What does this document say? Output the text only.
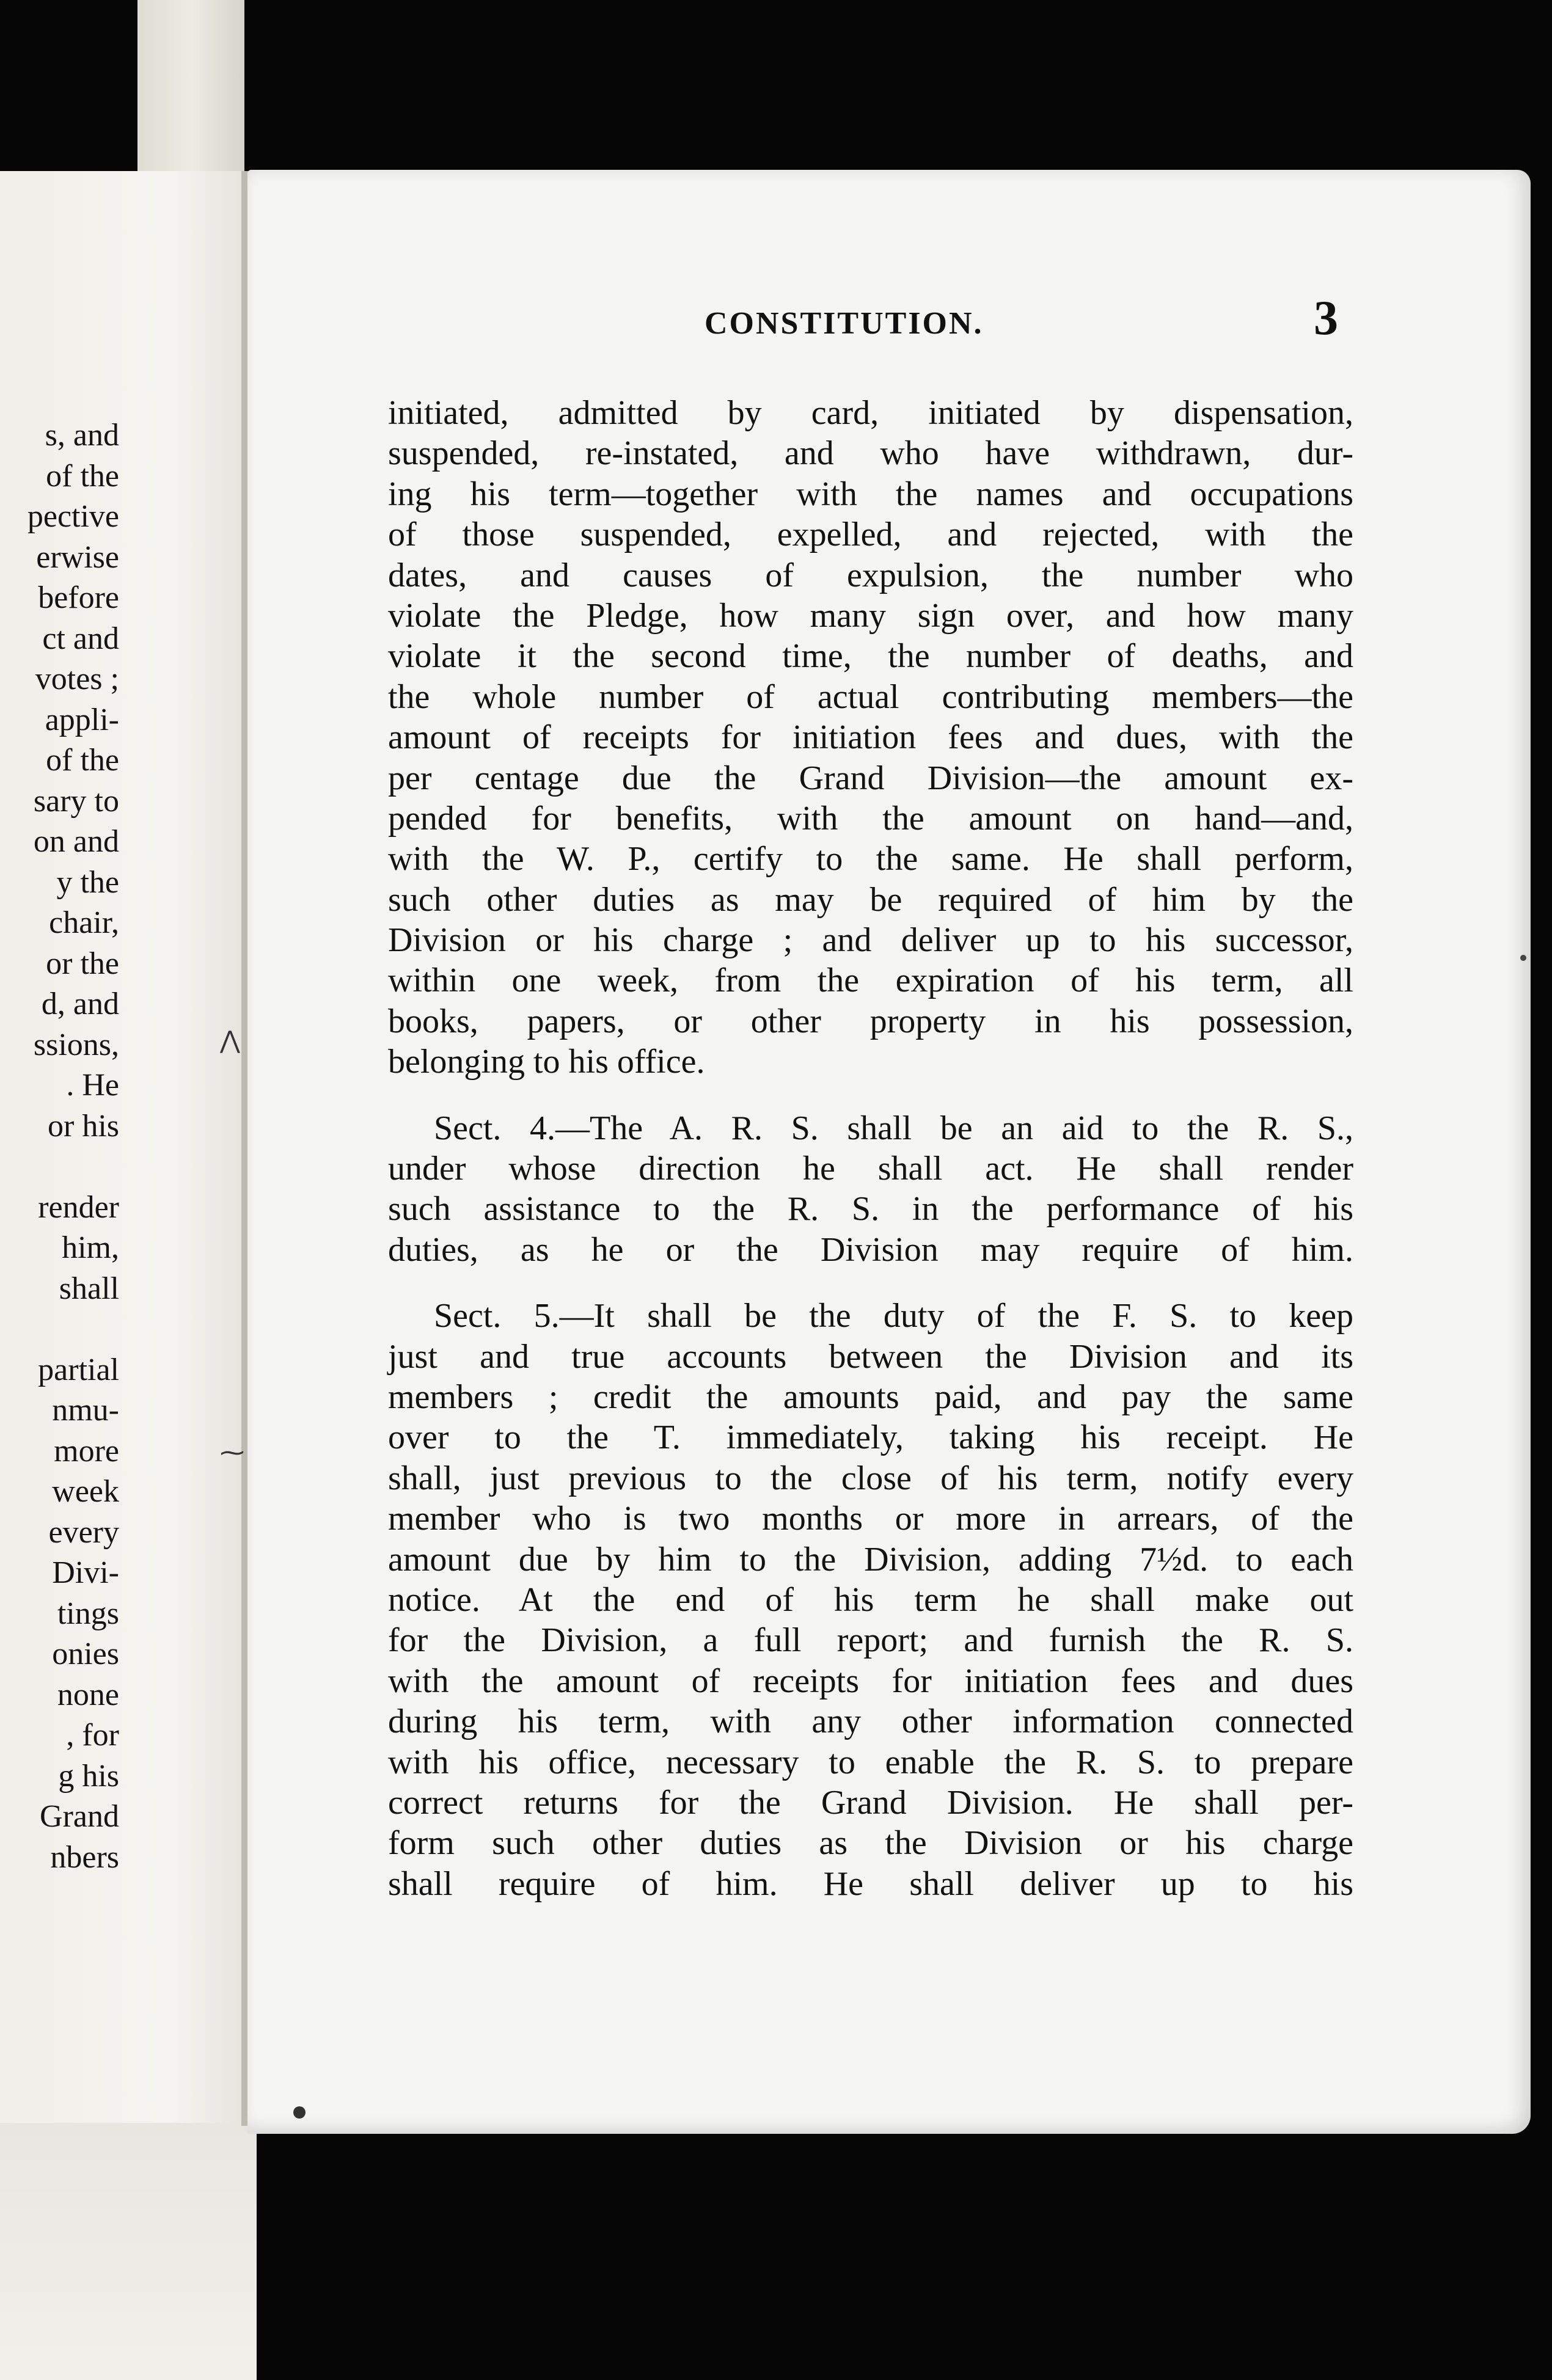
s, and
of the
pective
erwise
before
ct and
votes ;
appli-
of the
sary to
on and
y the
chair,
or the
d, and
ssions,
. He
or his
render
him,
shall
partial
nmu-
more
week
every
Divi-
tings
onies
none
, for
g his
Grand
nbers
⋀
⁓
CONSTITUTION.	3
initiated, admitted by card, initiated by dispensation,
suspended, re-instated, and who have withdrawn, dur-
ing his term—together with the names and occupations
of those suspended, expelled, and rejected, with the
dates, and causes of expulsion, the number who
violate the Pledge, how many sign over, and how many
violate it the second time, the number of deaths, and
the whole number of actual contributing members—the
amount of receipts for initiation fees and dues, with the
per centage due the Grand Division—the amount ex-
pended for benefits, with the amount on hand—and,
with the W. P., certify to the same. He shall perform,
such other duties as may be required of him by the
Division or his charge ; and deliver up to his successor,
within one week, from the expiration of his term, all
books, papers, or other property in his possession,
belonging to his office.
Sect. 4.—The A. R. S. shall be an aid to the R. S.,
under whose direction he shall act. He shall render
such assistance to the R. S. in the performance of his
duties, as he or the Division may require of him.
Sect. 5.—It shall be the duty of the F. S. to keep
just and true accounts between the Division and its
members ; credit the amounts paid, and pay the same
over to the T. immediately, taking his receipt. He
shall, just previous to the close of his term, notify every
member who is two months or more in arrears, of the
amount due by him to the Division, adding 7½d. to each
notice. At the end of his term he shall make out
for the Division, a full report; and furnish the R. S.
with the amount of receipts for initiation fees and dues
during his term, with any other information connected
with his office, necessary to enable the R. S. to prepare
correct returns for the Grand Division. He shall per-
form such other duties as the Division or his charge
shall require of him. He shall deliver up to his
